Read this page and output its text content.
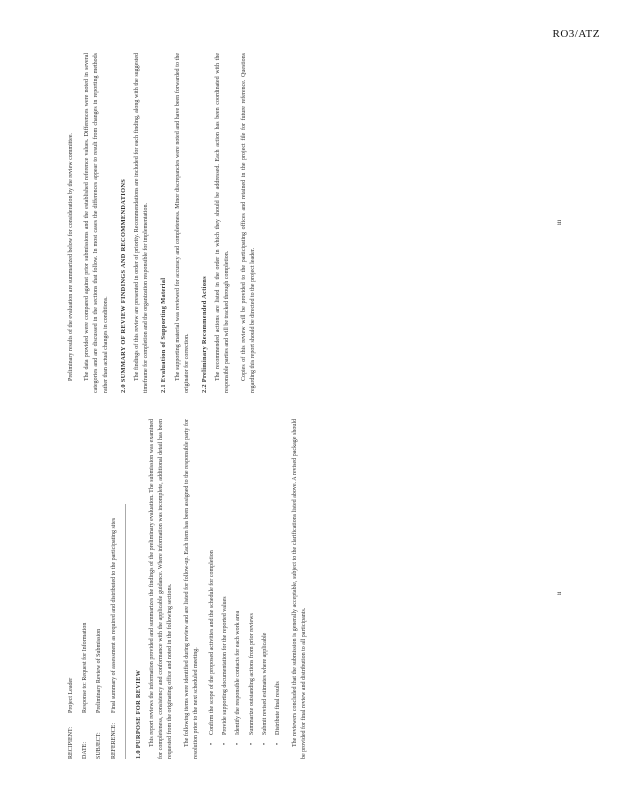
RO3/ATZ
RECIPIENT:
Project Leader
DATE:
Response to: Request for Information
SUBJECT:
Preliminary Review of Submission
REFERENCE:
Final summary of assessment as required and distributed to the participating sites
1.0 PURPOSE FOR REVIEW This report reviews the information provided and summarizes the findings of the preliminary evaluation. The submission was examined for completeness, consistency and conformance with the applicable guidance. Where information was incomplete, additional detail has been requested from the originating office and noted in the following sections.	The following items were identified during review and are listed for follow-up. Each item has been assigned to the responsible party for resolution prior to the next scheduled meeting.	• Confirm the scope of the proposed activities and the schedule for completion	• Provide supporting documentation for the reported values	• Identify the responsible contacts for each work area	• Summarize outstanding actions from prior reviews	• Submit revised estimates where applicable	• Distribute final results	The reviewers concluded that the submission is generally acceptable, subject to the clarifications listed above. A revised package should be provided for final review and distribution to all participants.

ii

Preliminary results of the evaluation are summarized below for consideration by the review committee.	The data provided were compared against prior submissions and the established reference values. Differences were noted in several categories and are discussed in the sections that follow. In most cases the differences appear to result from changes in reporting methods rather than actual changes in conditions.	2.0 SUMMARY OF REVIEW FINDINGS AND RECOMMENDATIONS The findings of this review are presented in order of priority. Recommendations are included for each finding, along with the suggested timeframe for completion and the organization responsible for implementation.	2.1 Evaluation of Supporting Material The supporting material was reviewed for accuracy and completeness. Minor discrepancies were noted and have been forwarded to the originator for correction.	2.2 Preliminary Recommended Actions The recommended actions are listed in the order in which they should be addressed. Each action has been coordinated with the responsible parties and will be tracked through completion.	Copies of this review will be provided to the participating offices and retained in the project file for future reference. Questions regarding this report should be directed to the project leader.

iii
